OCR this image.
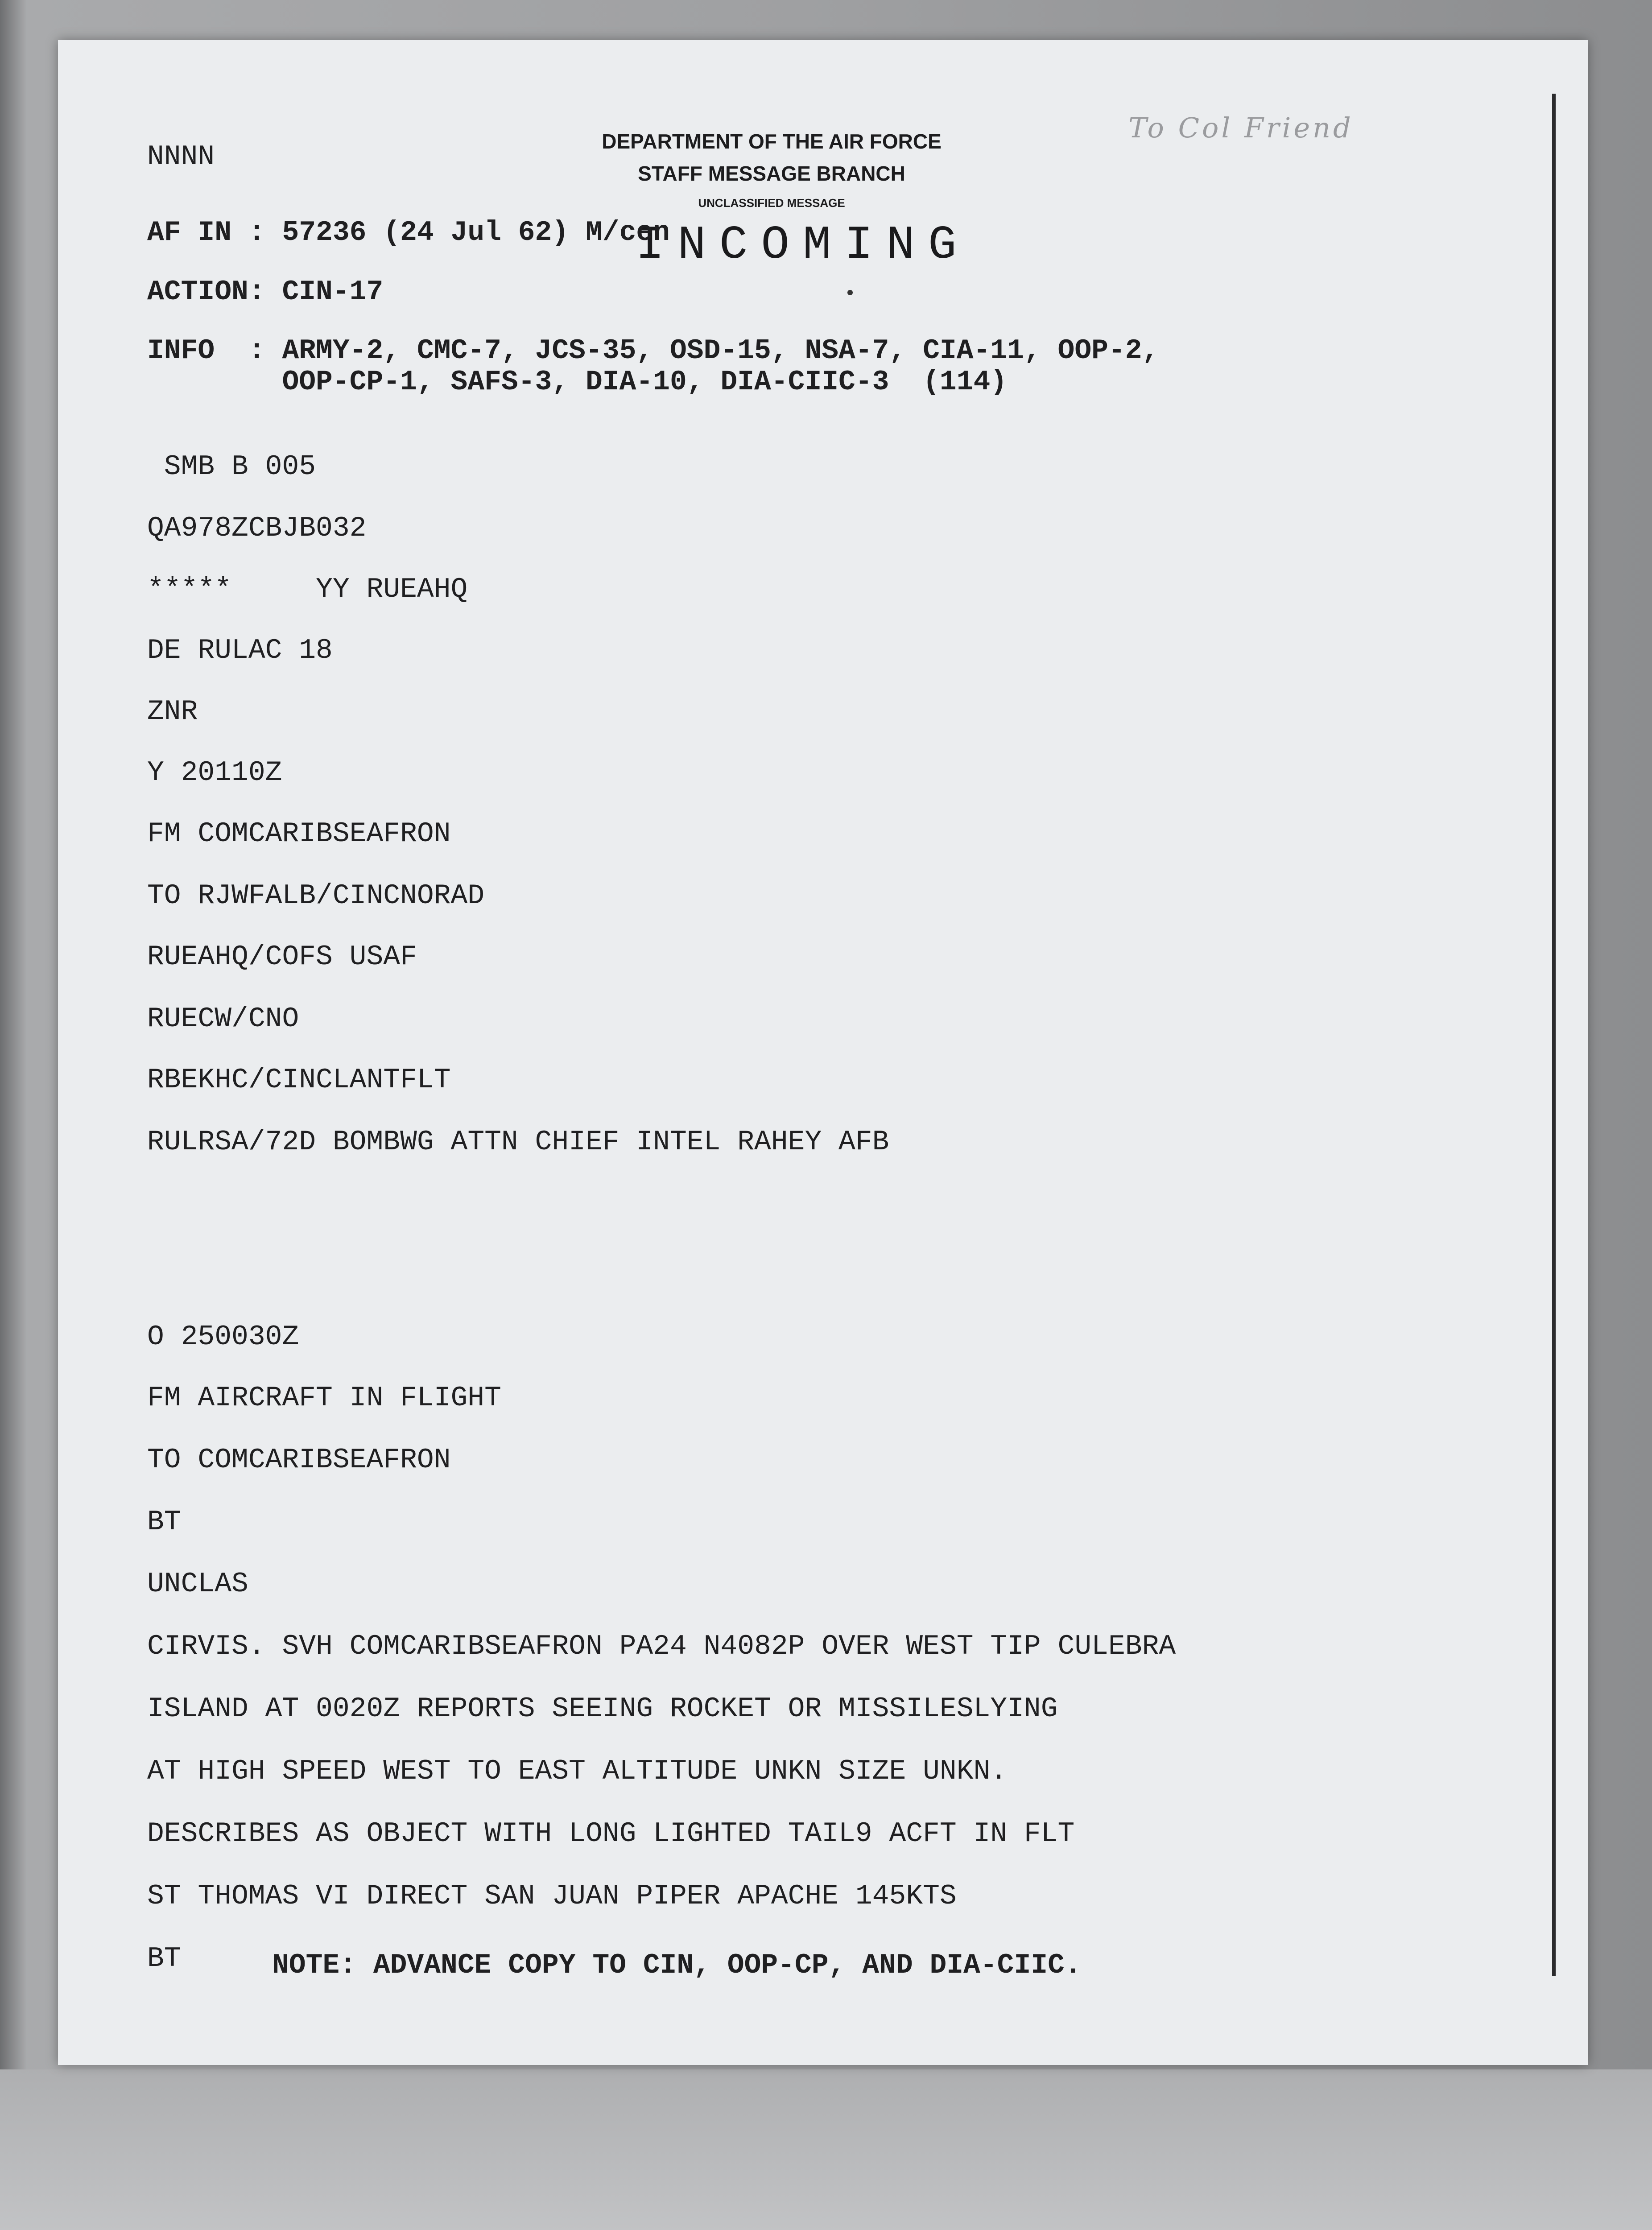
NNNN	DEPARTMENT OF THE AIR FORCE
STAFF MESSAGE BRANCH
UNCLASSIFIED MESSAGE
INCOMING
To Col Friend
AF IN : 57236 (24 Jul 62) M/cen
ACTION: CIN-17
INFO  : ARMY-2, CMC-7, JCS-35, OSD-15, NSA-7, CIA-11, OOP-2,
OOP-CP-1, SAFS-3, DIA-10, DIA-CIIC-3  (114)
SMB B 005
QA978ZCBJB032
*****     YY RUEAHQ
DE RULAC 18
ZNR
Y 20110Z
FM COMCARIBSEAFRON
TO RJWFALB/CINCNORAD
RUEAHQ/COFS USAF
RUECW/CNO
RBEKHC/CINCLANTFLT
RULRSA/72D BOMBWG ATTN CHIEF INTEL RAHEY AFB
O 250030Z
FM AIRCRAFT IN FLIGHT
TO COMCARIBSEAFRON
BT
UNCLAS
CIRVIS. SVH COMCARIBSEAFRON PA24 N4082P OVER WEST TIP CULEBRA
ISLAND AT 0020Z REPORTS SEEING ROCKET OR MISSILESLYING
AT HIGH SPEED WEST TO EAST ALTITUDE UNKN SIZE UNKN.
DESCRIBES AS OBJECT WITH LONG LIGHTED TAIL9 ACFT IN FLT
ST THOMAS VI DIRECT SAN JUAN PIPER APACHE 145KTS
BT	NOTE: ADVANCE COPY TO CIN, OOP-CP, AND DIA-CIIC.
